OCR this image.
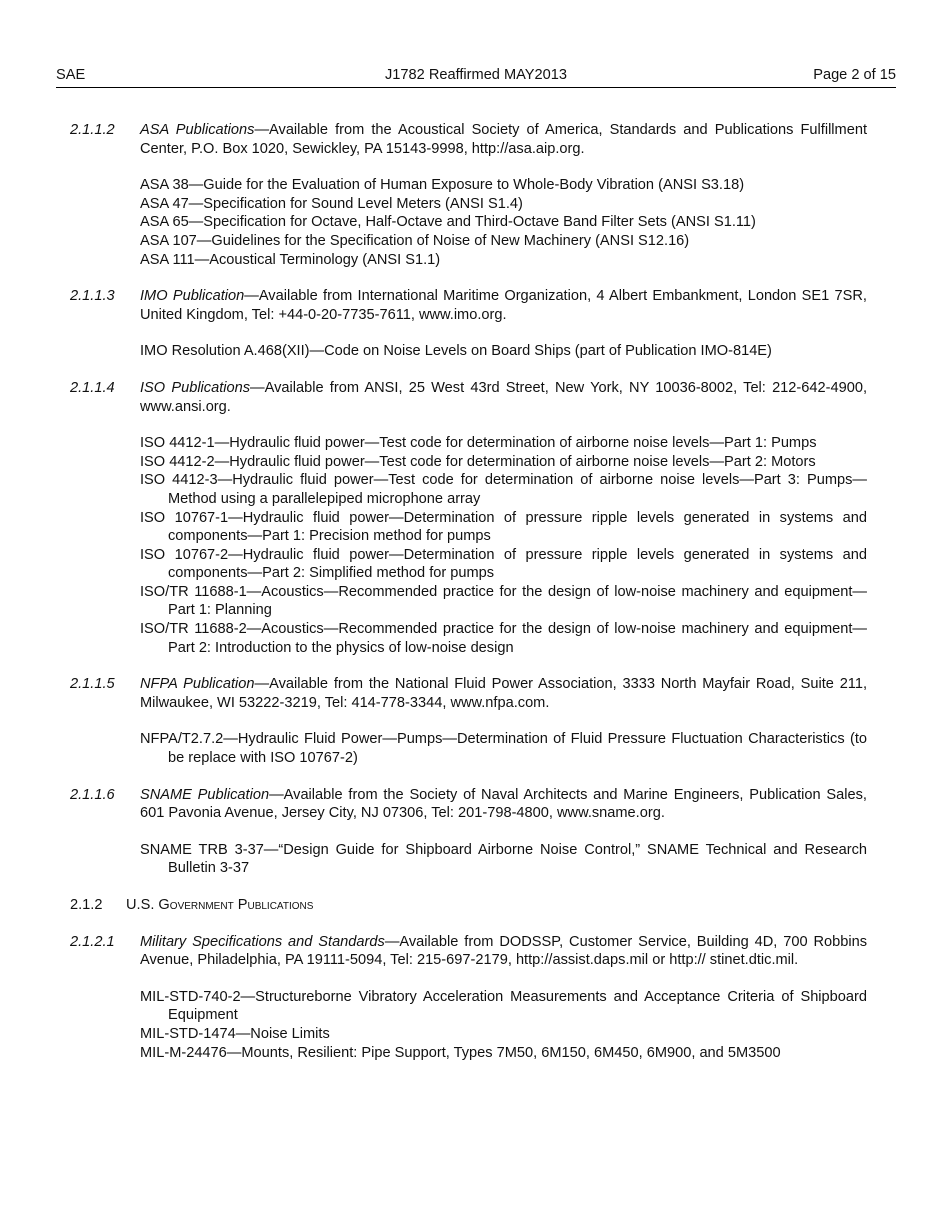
SAE	J1782 Reaffirmed MAY2013	Page 2 of 15
2.1.1.2 ASA Publications—Available from the Acoustical Society of America, Standards and Publications Fulfillment Center, P.O. Box 1020, Sewickley, PA 15143-9998, http://asa.aip.org.
ASA 38—Guide for the Evaluation of Human Exposure to Whole-Body Vibration (ANSI S3.18)
ASA 47—Specification for Sound Level Meters (ANSI S1.4)
ASA 65—Specification for Octave, Half-Octave and Third-Octave Band Filter Sets (ANSI S1.11)
ASA 107—Guidelines for the Specification of Noise of New Machinery (ANSI S12.16)
ASA 111—Acoustical Terminology (ANSI S1.1)
2.1.1.3 IMO Publication—Available from International Maritime Organization, 4 Albert Embankment, London SE1 7SR, United Kingdom, Tel: +44-0-20-7735-7611, www.imo.org.
IMO Resolution A.468(XII)—Code on Noise Levels on Board Ships (part of Publication IMO-814E)
2.1.1.4 ISO Publications—Available from ANSI, 25 West 43rd Street, New York, NY 10036-8002, Tel: 212-642-4900, www.ansi.org.
ISO 4412-1—Hydraulic fluid power—Test code for determination of airborne noise levels—Part 1: Pumps
ISO 4412-2—Hydraulic fluid power—Test code for determination of airborne noise levels—Part 2: Motors
ISO 4412-3—Hydraulic fluid power—Test code for determination of airborne noise levels—Part 3: Pumps—Method using a parallelepiped microphone array
ISO 10767-1—Hydraulic fluid power—Determination of pressure ripple levels generated in systems and components—Part 1: Precision method for pumps
ISO 10767-2—Hydraulic fluid power—Determination of pressure ripple levels generated in systems and components—Part 2: Simplified method for pumps
ISO/TR 11688-1—Acoustics—Recommended practice for the design of low-noise machinery and equipment—Part 1: Planning
ISO/TR 11688-2—Acoustics—Recommended practice for the design of low-noise machinery and equipment—Part 2: Introduction to the physics of low-noise design
2.1.1.5 NFPA Publication—Available from the National Fluid Power Association, 3333 North Mayfair Road, Suite 211, Milwaukee, WI 53222-3219, Tel: 414-778-3344, www.nfpa.com.
NFPA/T2.7.2—Hydraulic Fluid Power—Pumps—Determination of Fluid Pressure Fluctuation Characteristics (to be replace with ISO 10767-2)
2.1.1.6 SNAME Publication—Available from the Society of Naval Architects and Marine Engineers, Publication Sales, 601 Pavonia Avenue, Jersey City, NJ 07306, Tel: 201-798-4800, www.sname.org.
SNAME TRB 3-37—“Design Guide for Shipboard Airborne Noise Control,” SNAME Technical and Research Bulletin 3-37
2.1.2 U.S. Government Publications
2.1.2.1 Military Specifications and Standards—Available from DODSSP, Customer Service, Building 4D, 700 Robbins Avenue, Philadelphia, PA 19111-5094, Tel: 215-697-2179, http://assist.daps.mil or http:// stinet.dtic.mil.
MIL-STD-740-2—Structureborne Vibratory Acceleration Measurements and Acceptance Criteria of Shipboard Equipment
MIL-STD-1474—Noise Limits
MIL-M-24476—Mounts, Resilient: Pipe Support, Types 7M50, 6M150, 6M450, 6M900, and 5M3500
